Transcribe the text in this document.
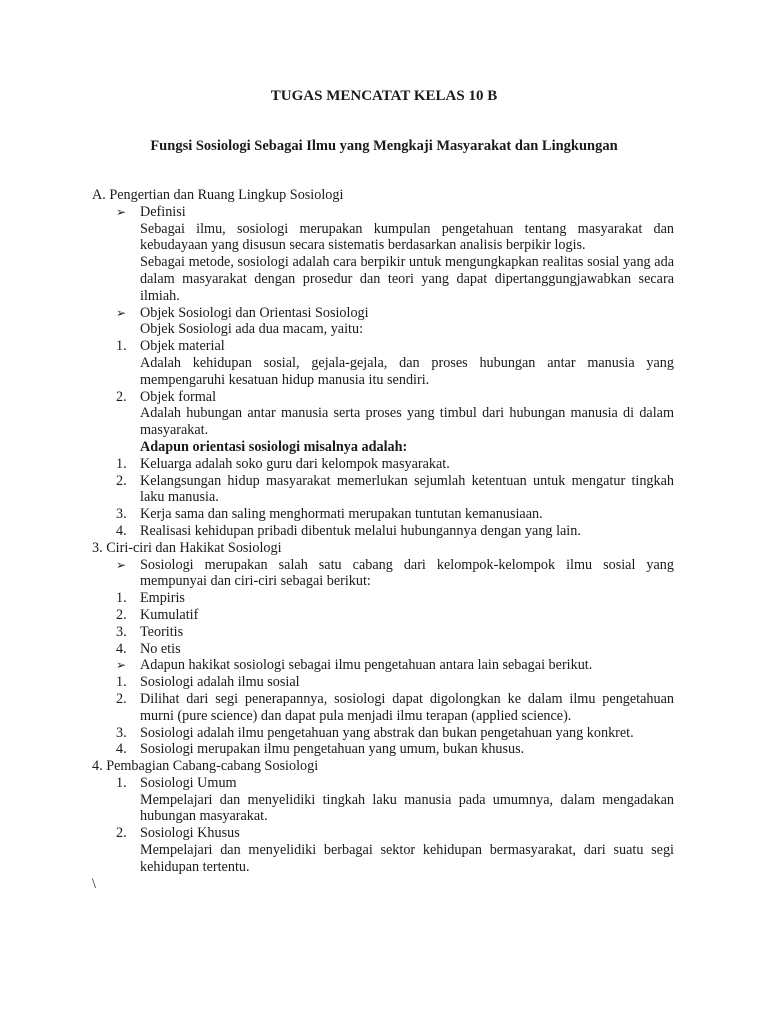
TUGAS MENCATAT KELAS 10 B
Fungsi Sosiologi Sebagai Ilmu yang Mengkaji Masyarakat dan Lingkungan

A. Pengertian dan Ruang Lingkup Sosiologi

➢ Definisi

Sebagai ilmu, sosiologi merupakan kumpulan pengetahuan tentang masyarakat dan kebudayaan yang disusun secara sistematis berdasarkan analisis berpikir logis.

Sebagai metode, sosiologi adalah cara berpikir untuk mengungkapkan realitas sosial yang ada dalam masyarakat dengan prosedur dan teori yang dapat dipertanggungjawabkan secara ilmiah.

➢ Objek Sosiologi dan Orientasi Sosiologi

Objek Sosiologi ada dua macam, yaitu:

1. Objek material

Adalah kehidupan sosial, gejala-gejala, dan proses hubungan antar manusia yang mempengaruhi kesatuan hidup manusia itu sendiri.

2. Objek formal

Adalah hubungan antar manusia serta proses yang timbul dari hubungan manusia di dalam masyarakat.

Adapun orientasi sosiologi misalnya adalah:

1. Keluarga adalah soko guru dari kelompok masyarakat.
2. Kelangsungan hidup masyarakat memerlukan sejumlah ketentuan untuk mengatur tingkah laku manusia.
3. Kerja sama dan saling menghormati merupakan tuntutan kemanusiaan.
4. Realisasi kehidupan pribadi dibentuk melalui hubungannya dengan yang lain.

3. Ciri-ciri dan Hakikat Sosiologi

➢ Sosiologi merupakan salah satu cabang dari kelompok-kelompok ilmu sosial yang mempunyai dan ciri-ciri sebagai berikut:
1. Empiris
2. Kumulatif
3. Teoritis
4. No etis
➢ Adapun hakikat sosiologi sebagai ilmu pengetahuan antara lain sebagai berikut.
1. Sosiologi adalah ilmu sosial
2. Dilihat dari segi penerapannya, sosiologi dapat digolongkan ke dalam ilmu pengetahuan murni (pure science) dan dapat pula menjadi ilmu terapan (applied science).
3. Sosiologi adalah ilmu pengetahuan yang abstrak dan bukan pengetahuan yang konkret.
4. Sosiologi merupakan ilmu pengetahuan yang umum, bukan khusus.

4. Pembagian Cabang-cabang Sosiologi

1. Sosiologi Umum

Mempelajari dan menyelidiki tingkah laku manusia pada umumnya, dalam mengadakan hubungan masyarakat.

2. Sosiologi Khusus

Mempelajari dan menyelidiki berbagai sektor kehidupan bermasyarakat, dari suatu segi kehidupan tertentu.

\
